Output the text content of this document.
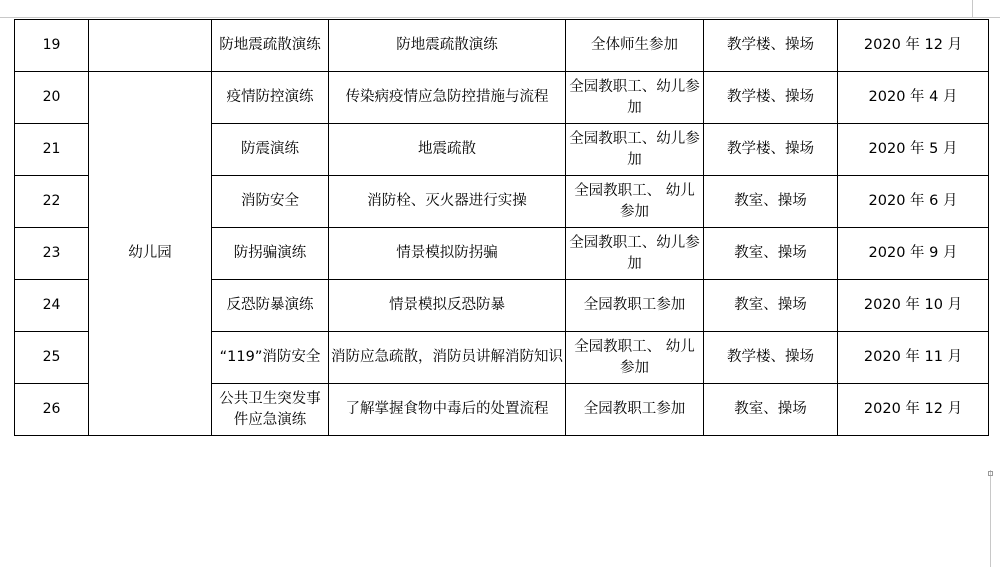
19		防地震疏散演练	防地震疏散演练	全体师生参加	教学楼、操场	2020 年 12 月
20	幼儿园	疫情防控演练	传染病疫情应急防控措施与流程	全园教职工、幼儿参加	教学楼、操场	2020 年 4 月
21		防震演练	地震疏散	全园教职工、幼儿参加	教学楼、操场	2020 年 5 月
22		消防安全	消防栓、灭火器进行实操	全园教职工、 幼儿参加	教室、操场	2020 年 6 月
23		防拐骗演练	情景模拟防拐骗	全园教职工、幼儿参加	教室、操场	2020 年 9 月
24		反恐防暴演练	情景模拟反恐防暴	全园教职工参加	教室、操场	2020 年 10 月
25		“119”消防安全	消防应急疏散，消防员讲解消防知识	全园教职工、 幼儿参加	教学楼、操场	2020 年 11 月
26		公共卫生突发事件应急演练	了解掌握食物中毒后的处置流程	全园教职工参加	教室、操场	2020 年 12 月
